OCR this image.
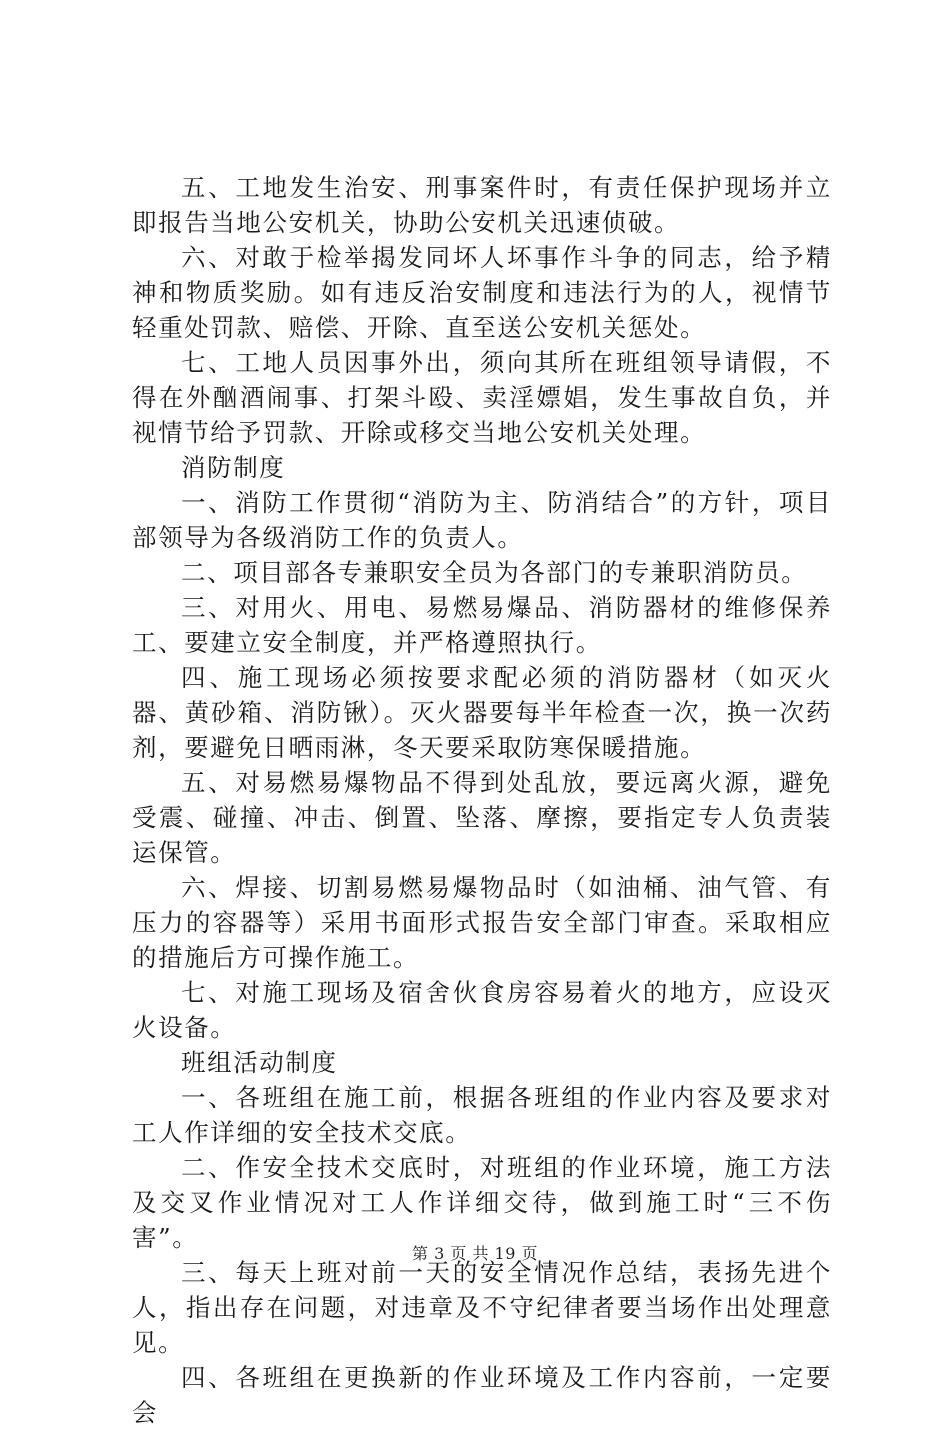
五、工地发生治安、刑事案件时，有责任保护现场并立即报告当地公安机关，协助公安机关迅速侦破。

六、对敢于检举揭发同坏人坏事作斗争的同志，给予精神和物质奖励。如有违反治安制度和违法行为的人，视情节轻重处罚款、赔偿、开除、直至送公安机关惩处。

七、工地人员因事外出，须向其所在班组领导请假，不得在外酗酒闹事、打架斗殴、卖淫嫖娼，发生事故自负，并视情节给予罚款、开除或移交当地公安机关处理。

消防制度

一、消防工作贯彻“消防为主、防消结合”的方针，项目部领导为各级消防工作的负责人。

二、项目部各专兼职安全员为各部门的专兼职消防员。

三、对用火、用电、易燃易爆品、消防器材的维修保养工、要建立安全制度，并严格遵照执行。

四、施工现场必须按要求配必须的消防器材（如灭火器、黄砂箱、消防锹）。灭火器要每半年检查一次，换一次药剂，要避免日晒雨淋，冬天要采取防寒保暖措施。

五、对易燃易爆物品不得到处乱放，要远离火源，避免受震、碰撞、冲击、倒置、坠落、摩擦，要指定专人负责装运保管。

六、焊接、切割易燃易爆物品时（如油桶、油气管、有压力的容器等）采用书面形式报告安全部门审查。采取相应的措施后方可操作施工。

七、对施工现场及宿舍伙食房容易着火的地方，应设灭火设备。

班组活动制度

一、各班组在施工前，根据各班组的作业内容及要求对工人作详细的安全技术交底。

二、作安全技术交底时，对班组的作业环境，施工方法及交叉作业情况对工人作详细交待，做到施工时“三不伤害”。

三、每天上班对前一天的安全情况作总结，表扬先进个人，指出存在问题，对违章及不守纪律者要当场作出处理意见。

四、各班组在更换新的作业环境及工作内容前，一定要会

第 3 页 共 19 页
